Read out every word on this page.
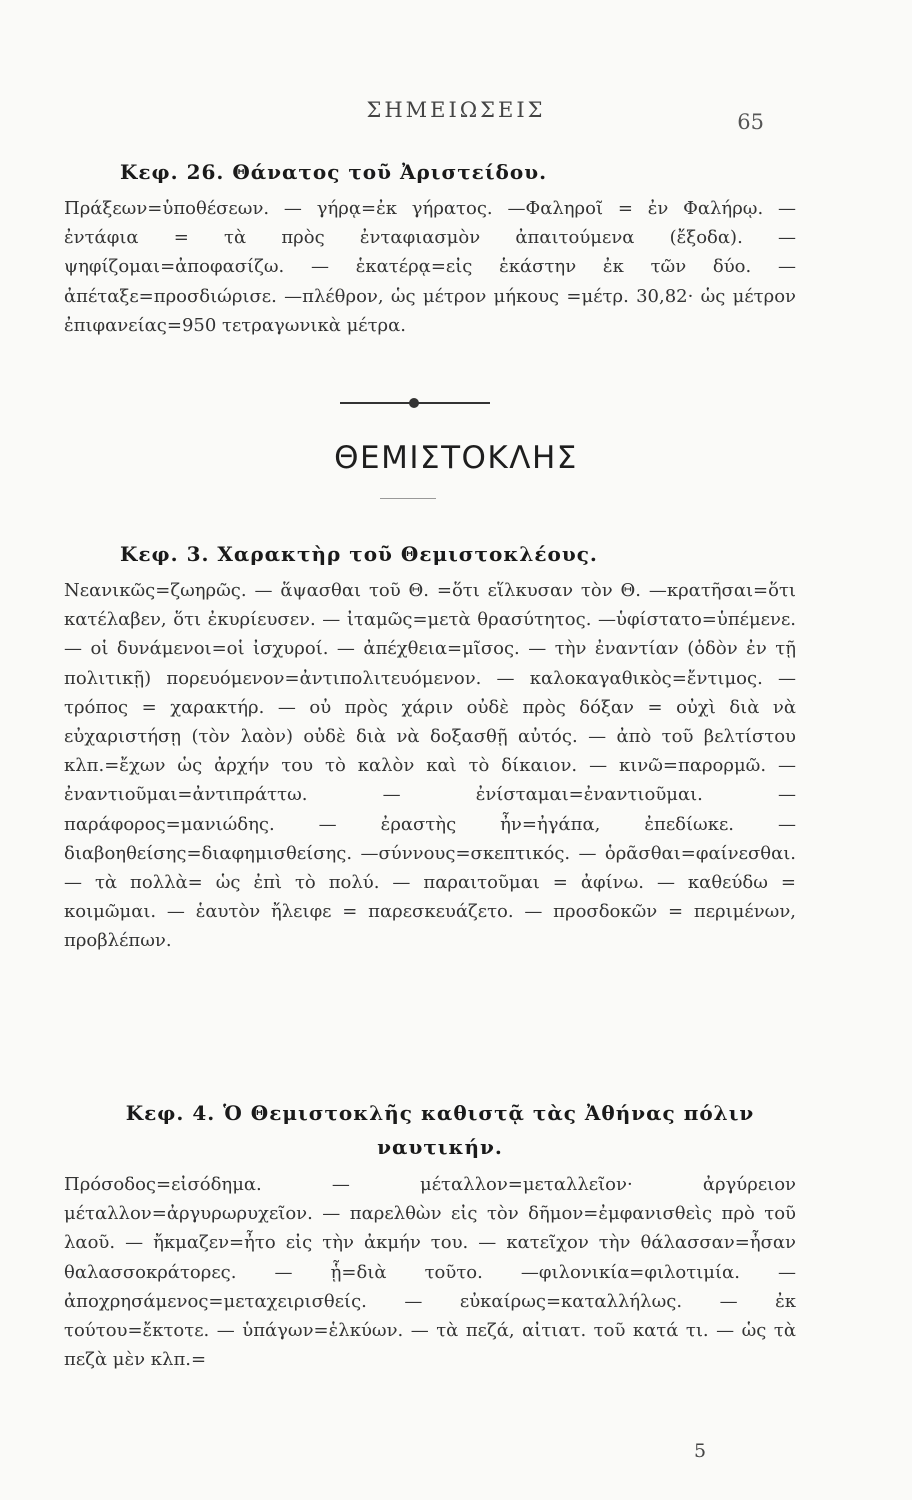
ΣΗΜΕΙΩΣΕΙΣ	65
Κεφ. 26. Θάνατος τοῦ Ἀριστείδου.

Πράξεων=ὑποθέσεων. — γήρᾳ=ἐκ γήρατος. —Φαληροῖ = ἐν Φαλήρῳ. — ἐντάφια = τὰ πρὸς ἐνταφιασμὸν ἀπαιτούμενα (ἔξοδα). —ψηφίζομαι=ἀποφασίζω. — ἑκατέρᾳ=εἰς ἑκάστην ἐκ τῶν δύο. —ἀπέταξε=προσδιώρισε. —πλέθρον, ὡς μέτρον μήκους =μέτρ. 30,82· ὡς μέτρον ἐπιφανείας=950 τετραγωνικὰ μέτρα.

ΘΕΜΙΣΤΟΚΛΗΣ
Κεφ. 3. Χαρακτὴρ τοῦ Θεμιστοκλέους.

Νεανικῶς=ζωηρῶς. — ἅψασθαι τοῦ Θ. =ὅτι εἵλκυσαν τὸν Θ. —κρατῆσαι=ὅτι κατέλαβεν, ὅτι ἐκυρίευσεν. — ἰταμῶς=μετὰ θρασύτητος. —ὑφίστατο=ὑπέμενε. — οἱ δυνάμενοι=οἱ ἰσχυροί. — ἀπέχθεια=μῖσος. — τὴν ἐναντίαν (ὁδὸν ἐν τῇ πολιτικῇ) πορευόμενον=ἀντιπολιτευόμενον. — καλοκαγαθικὸς=ἔντιμος. — τρόπος = χαρακτήρ. — οὐ πρὸς χάριν οὐδὲ πρὸς δόξαν = οὐχὶ διὰ νὰ εὐχαριστήσῃ (τὸν λαὸν) οὐδὲ διὰ νὰ δοξασθῇ αὐτός. — ἀπὸ τοῦ βελτίστου κλπ.=ἔχων ὡς ἀρχήν του τὸ καλὸν καὶ τὸ δίκαιον. — κινῶ=παρορμῶ. — ἐναντιοῦμαι=ἀντιπράττω. — ἐνίσταμαι=ἐναντιοῦμαι. —παράφορος=μανιώδης. — ἐραστὴς ἦν=ἠγάπα, ἐπεδίωκε. —διαβοηθείσης=διαφημισθείσης. —σύννους=σκεπτικός. — ὁρᾶσθαι=φαίνεσθαι. — τὰ πολλὰ= ὡς ἐπὶ τὸ πολύ. — παραιτοῦμαι = ἀφίνω. — καθεύδω = κοιμῶμαι. — ἑαυτὸν ἤλειφε = παρεσκευάζετο. — προσδοκῶν = περιμένων, προβλέπων.

Κεφ. 4. Ὁ Θεμιστοκλῆς καθιστᾷ τὰς Ἀθήνας πόλιν ναυτικήν.

Πρόσοδος=εἰσόδημα. — μέταλλον=μεταλλεῖον· ἀργύρειον μέταλλον=ἀργυρωρυχεῖον. — παρελθὼν εἰς τὸν δῆμον=ἐμφανισθεὶς πρὸ τοῦ λαοῦ. — ἤκμαζεν=ἦτο εἰς τὴν ἀκμήν του. — κατεῖχον τὴν θάλασσαν=ἦσαν θαλασσοκράτορες. — ᾗ=διὰ τοῦτο. —φιλονικία=φιλοτιμία. — ἀποχρησάμενος=μεταχειρισθείς. — εὐκαίρως=καταλλήλως. — ἐκ τούτου=ἔκτοτε. — ὑπάγων=ἑλκύων. — τὰ πεζά, αἰτιατ. τοῦ κατά τι. — ὡς τὰ πεζὰ μὲν κλπ.=

5
